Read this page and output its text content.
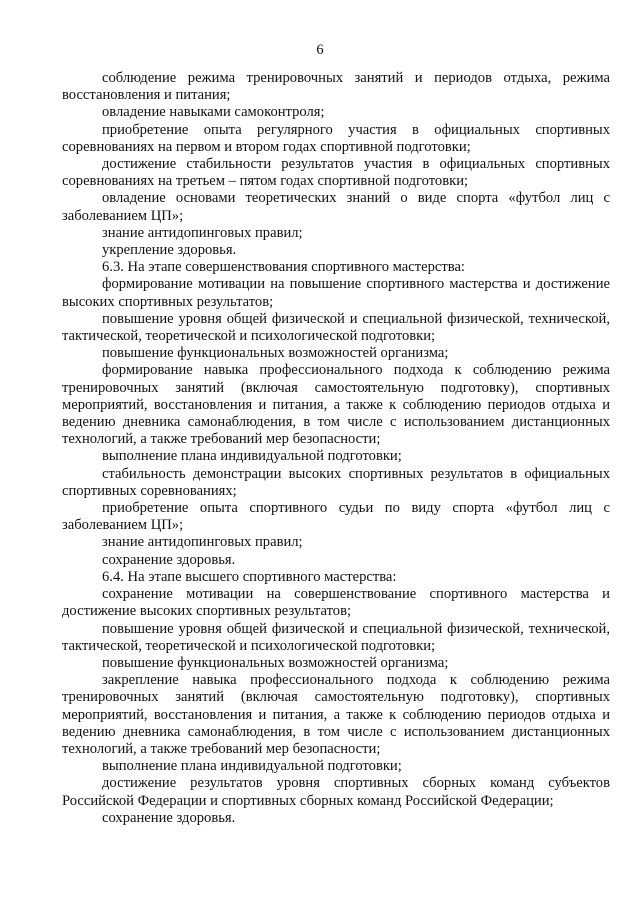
6

соблюдение режима тренировочных занятий и периодов отдыха, режима восстановления и питания;

овладение навыками самоконтроля;

приобретение опыта регулярного участия в официальных спортивных соревнованиях на первом и втором годах спортивной подготовки;

достижение стабильности результатов участия в официальных спортивных соревнованиях на третьем – пятом годах спортивной подготовки;

овладение основами теоретических знаний о виде спорта «футбол лиц с заболеванием ЦП»;

знание антидопинговых правил;

укрепление здоровья.

6.3. На этапе совершенствования спортивного мастерства:

формирование мотивации на повышение спортивного мастерства и достижение высоких спортивных результатов;

повышение уровня общей физической и специальной физической, технической, тактической, теоретической и психологической подготовки;

повышение функциональных возможностей организма;

формирование навыка профессионального подхода к соблюдению режима тренировочных занятий (включая самостоятельную подготовку), спортивных мероприятий, восстановления и питания, а также к соблюдению периодов отдыха и ведению дневника самонаблюдения, в том числе с использованием дистанционных технологий, а также требований мер безопасности;

выполнение плана индивидуальной подготовки;

стабильность демонстрации высоких спортивных результатов в официальных спортивных соревнованиях;

приобретение опыта спортивного судьи по виду спорта «футбол лиц с заболеванием ЦП»;

знание антидопинговых правил;

сохранение здоровья.

6.4. На этапе высшего спортивного мастерства:

сохранение мотивации на совершенствование спортивного мастерства и достижение высоких спортивных результатов;

повышение уровня общей физической и специальной физической, технической, тактической, теоретической и психологической подготовки;

повышение функциональных возможностей организма;

закрепление навыка профессионального подхода к соблюдению режима тренировочных занятий (включая самостоятельную подготовку), спортивных мероприятий, восстановления и питания, а также к соблюдению периодов отдыха и ведению дневника самонаблюдения, в том числе с использованием дистанционных технологий, а также требований мер безопасности;

выполнение плана индивидуальной подготовки;

достижение результатов уровня спортивных сборных команд субъектов Российской Федерации и спортивных сборных команд Российской Федерации;

сохранение здоровья.
